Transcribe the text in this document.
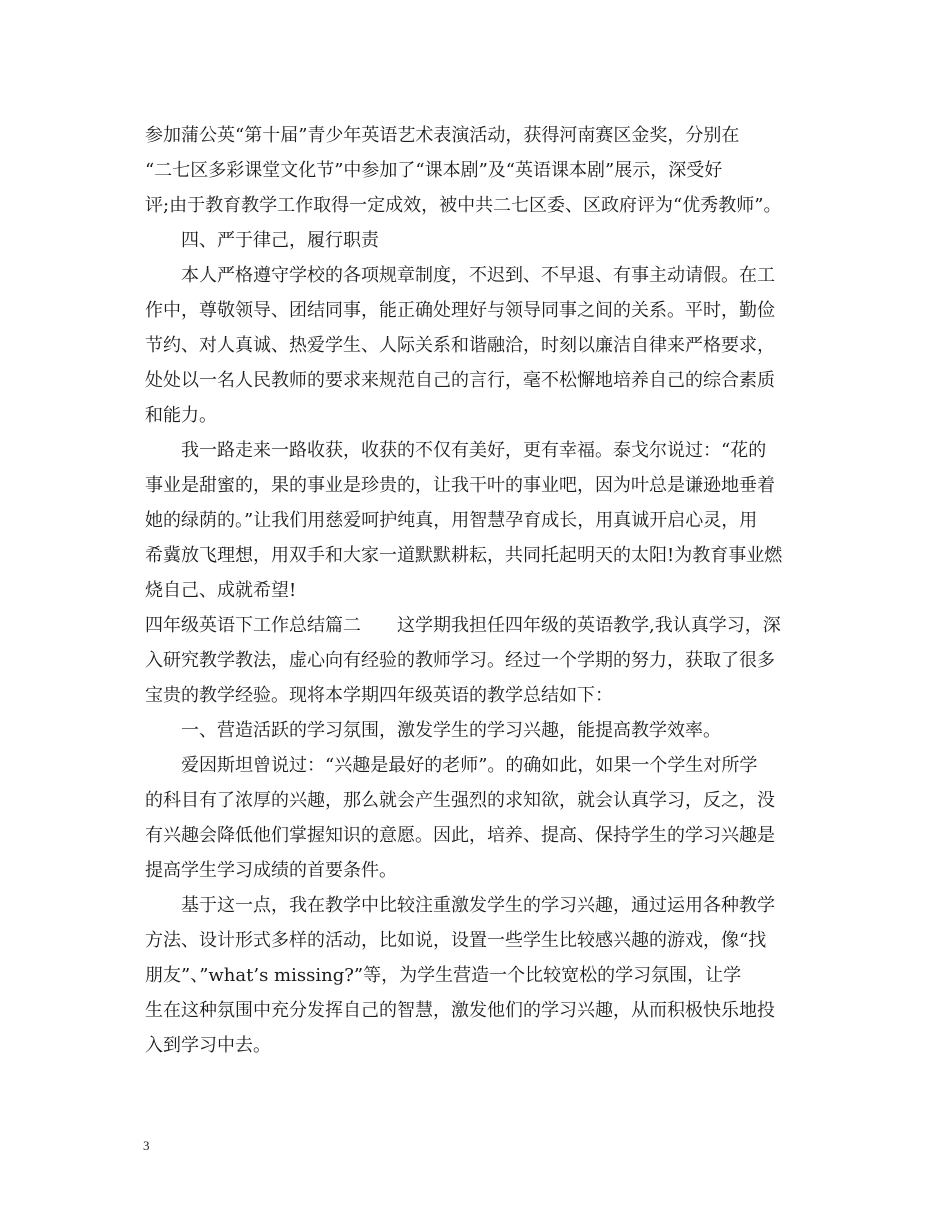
参加蒲公英“第十届”青少年英语艺术表演活动，获得河南赛区金奖，分别在
“二七区多彩课堂文化节”中参加了“课本剧”及“英语课本剧”展示，深受好
评;由于教育教学工作取得一定成效，被中共二七区委、区政府评为“优秀教师”。
四、严于律己，履行职责
本人严格遵守学校的各项规章制度，不迟到、不早退、有事主动请假。在工
作中，尊敬领导、团结同事，能正确处理好与领导同事之间的关系。平时，勤俭
节约、对人真诚、热爱学生、人际关系和谐融洽，时刻以廉洁自律来严格要求，
处处以一名人民教师的要求来规范自己的言行，毫不松懈地培养自己的综合素质
和能力。
我一路走来一路收获，收获的不仅有美好，更有幸福。泰戈尔说过：“花的
事业是甜蜜的，果的事业是珍贵的，让我干叶的事业吧，因为叶总是谦逊地垂着
她的绿荫的。”让我们用慈爱呵护纯真，用智慧孕育成长，用真诚开启心灵，用
希冀放飞理想，用双手和大家一道默默耕耘，共同托起明天的太阳!为教育事业燃
烧自己、成就希望!
四年级英语下工作总结篇二　　这学期我担任四年级的英语教学,我认真学习，深
入研究教学教法，虚心向有经验的教师学习。经过一个学期的努力，获取了很多
宝贵的教学经验。现将本学期四年级英语的教学总结如下：
一、营造活跃的学习氛围，激发学生的学习兴趣，能提高教学效率。
爱因斯坦曾说过：“兴趣是最好的老师”。的确如此，如果一个学生对所学
的科目有了浓厚的兴趣，那么就会产生强烈的求知欲，就会认真学习，反之，没
有兴趣会降低他们掌握知识的意愿。因此，培养、提高、保持学生的学习兴趣是
提高学生学习成绩的首要条件。
基于这一点，我在教学中比较注重激发学生的学习兴趣，通过运用各种教学
方法、设计形式多样的活动，比如说，设置一些学生比较感兴趣的游戏，像“找
朋友”、”what’s missing?”等，为学生营造一个比较宽松的学习氛围，让学
生在这种氛围中充分发挥自己的智慧，激发他们的学习兴趣，从而积极快乐地投
入到学习中去。
3
